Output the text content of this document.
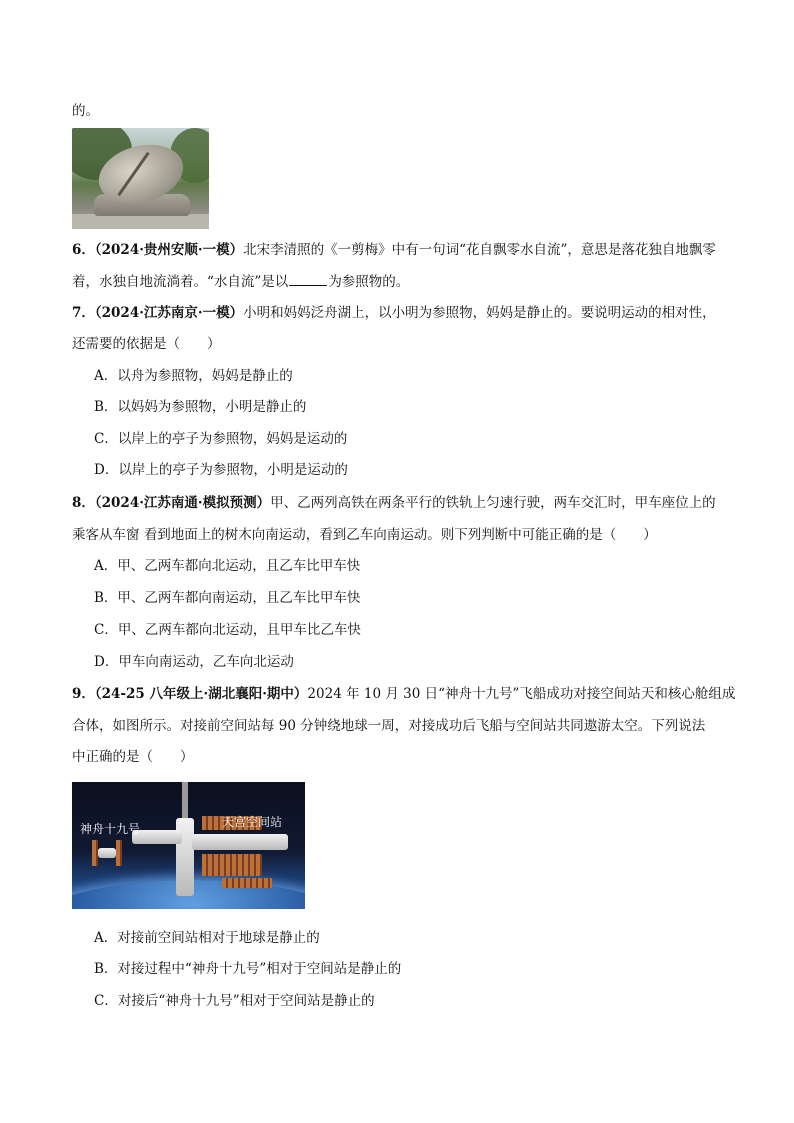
的。
6．（2024·贵州安顺·一模）北宋李清照的《一剪梅》中有一句词“花自飘零水自流”，意思是落花独自地飘零
着，水独自地流淌着。“水自流”是以	为参照物的。
7．（2024·江苏南京·一模）小明和妈妈泛舟湖上，以小明为参照物，妈妈是静止的。要说明运动的相对性，
还需要的依据是（　　）
A．以舟为参照物，妈妈是静止的
B．以妈妈为参照物，小明是静止的
C．以岸上的亭子为参照物，妈妈是运动的
D．以岸上的亭子为参照物，小明是运动的
8．（2024·江苏南通·模拟预测）甲、乙两列高铁在两条平行的铁轨上匀速行驶，两车交汇时，甲车座位上的
乘客从车窗 看到地面上的树木向南运动，看到乙车向南运动。则下列判断中可能正确的是（　　）
A．甲、乙两车都向北运动，且乙车比甲车快
B．甲、乙两车都向南运动，且乙车比甲车快
C．甲、乙两车都向北运动，且甲车比乙车快
D．甲车向南运动，乙车向北运动
9．（24-25 八年级上·湖北襄阳·期中）2024 年 10 月 30 日“神舟十九号”飞船成功对接空间站天和核心舱组成
合体，如图所示。对接前空间站每 90 分钟绕地球一周，对接成功后飞船与空间站共同遨游太空。下列说法
中正确的是（　　）
神舟十九号	天宫空间站
A．对接前空间站相对于地球是静止的
B．对接过程中“神舟十九号”相对于空间站是静止的
C．对接后“神舟十九号”相对于空间站是静止的
